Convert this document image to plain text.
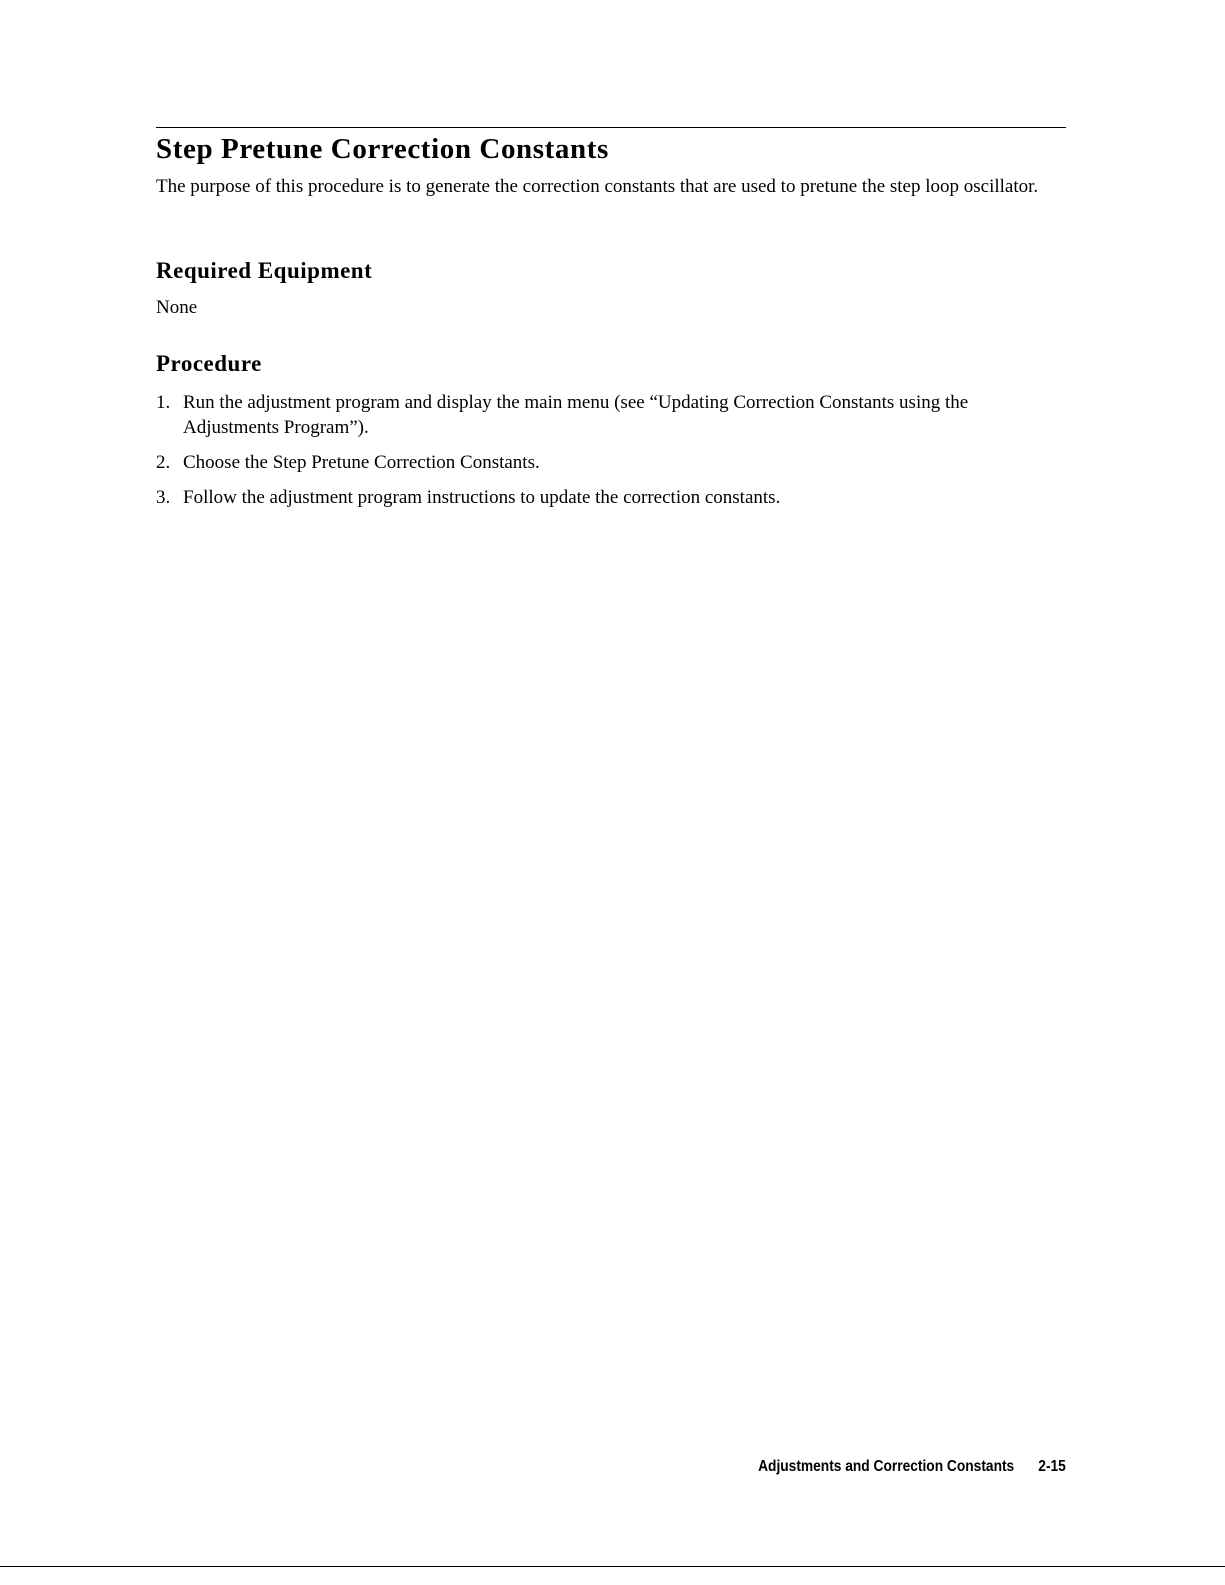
Step Pretune Correction Constants

The purpose of this procedure is to generate the correction constants that are used to pretune the step loop oscillator.

Required Equipment

None

Procedure
1. Run the adjustment program and display the main menu (see “Updating Correction Constants using the Adjustments Program”).
2. Choose the Step Pretune Correction Constants.
3. Follow the adjustment program instructions to update the correction constants.
Adjustments and Correction Constants 2-15
